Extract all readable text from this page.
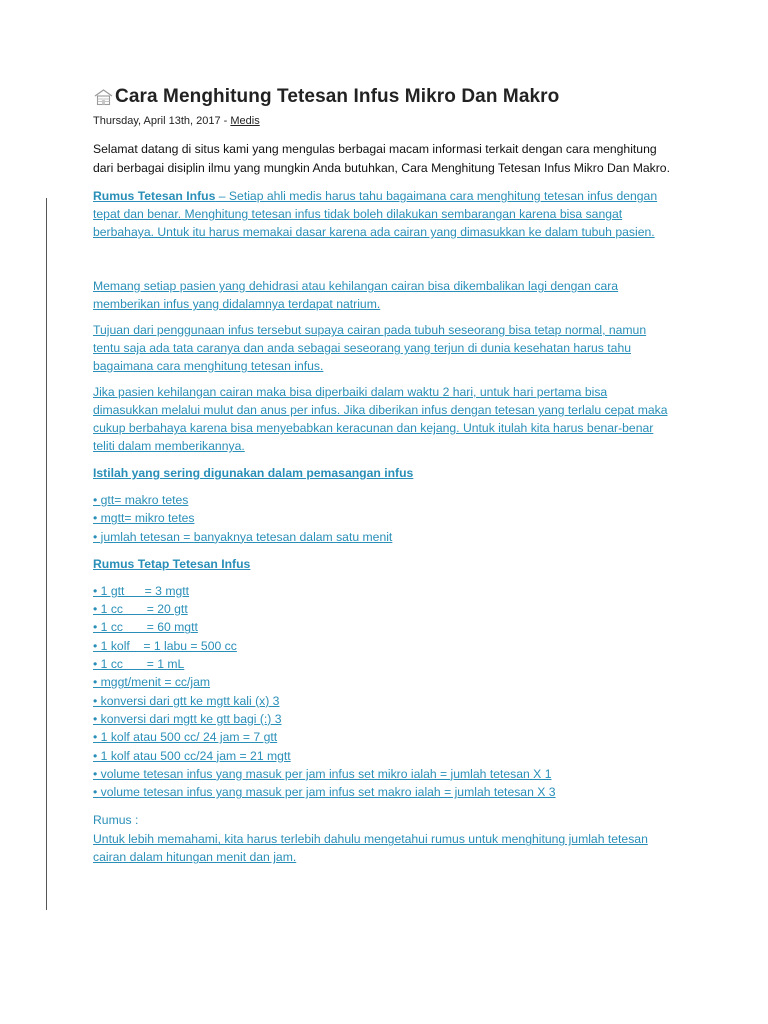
Cara Menghitung Tetesan Infus Mikro Dan Makro
Thursday, April 13th, 2017 - Medis

Selamat datang di situs kami yang mengulas berbagai macam informasi terkait dengan cara menghitung dari berbagai disiplin ilmu yang mungkin Anda butuhkan, Cara Menghitung Tetesan Infus Mikro Dan Makro.

Rumus Tetesan Infus – Setiap ahli medis harus tahu bagaimana cara menghitung tetesan infus dengan tepat dan benar. Menghitung tetesan infus tidak boleh dilakukan sembarangan karena bisa sangat berbahaya. Untuk itu harus memakai dasar karena ada cairan yang dimasukkan ke dalam tubuh pasien.

Memang setiap pasien yang dehidrasi atau kehilangan cairan bisa dikembalikan lagi dengan cara memberikan infus yang didalamnya terdapat natrium.

Tujuan dari penggunaan infus tersebut supaya cairan pada tubuh seseorang bisa tetap normal, namun tentu saja ada tata caranya dan anda sebagai seseorang yang terjun di dunia kesehatan harus tahu bagaimana cara menghitung tetesan infus.

Jika pasien kehilangan cairan maka bisa diperbaiki dalam waktu 2 hari, untuk hari pertama bisa dimasukkan melalui mulut dan anus per infus. Jika diberikan infus dengan tetesan yang terlalu cepat maka cukup berbahaya karena bisa menyebabkan keracunan dan kejang. Untuk itulah kita harus benar-benar teliti dalam memberikannya.

Istilah yang sering digunakan dalam pemasangan infus

• gtt= makro tetes
• mgtt= mikro tetes
• jumlah tetesan = banyaknya tetesan dalam satu menit

Rumus Tetap Tetesan Infus

• 1 gtt      = 3 mgtt
• 1 cc       = 20 gtt
• 1 cc       = 60 mgtt
• 1 kolf    = 1 labu = 500 cc
• 1 cc       = 1 mL
• mggt/menit = cc/jam
• konversi dari gtt ke mgtt kali (x) 3
• konversi dari mgtt ke gtt bagi (:) 3
• 1 kolf atau 500 cc/ 24 jam = 7 gtt
• 1 kolf atau 500 cc/24 jam = 21 mgtt
• volume tetesan infus yang masuk per jam infus set mikro ialah = jumlah tetesan X 1
• volume tetesan infus yang masuk per jam infus set makro ialah = jumlah tetesan X 3

Rumus :

Untuk lebih memahami, kita harus terlebih dahulu mengetahui rumus untuk menghitung jumlah tetesan cairan dalam hitungan menit dan jam.
